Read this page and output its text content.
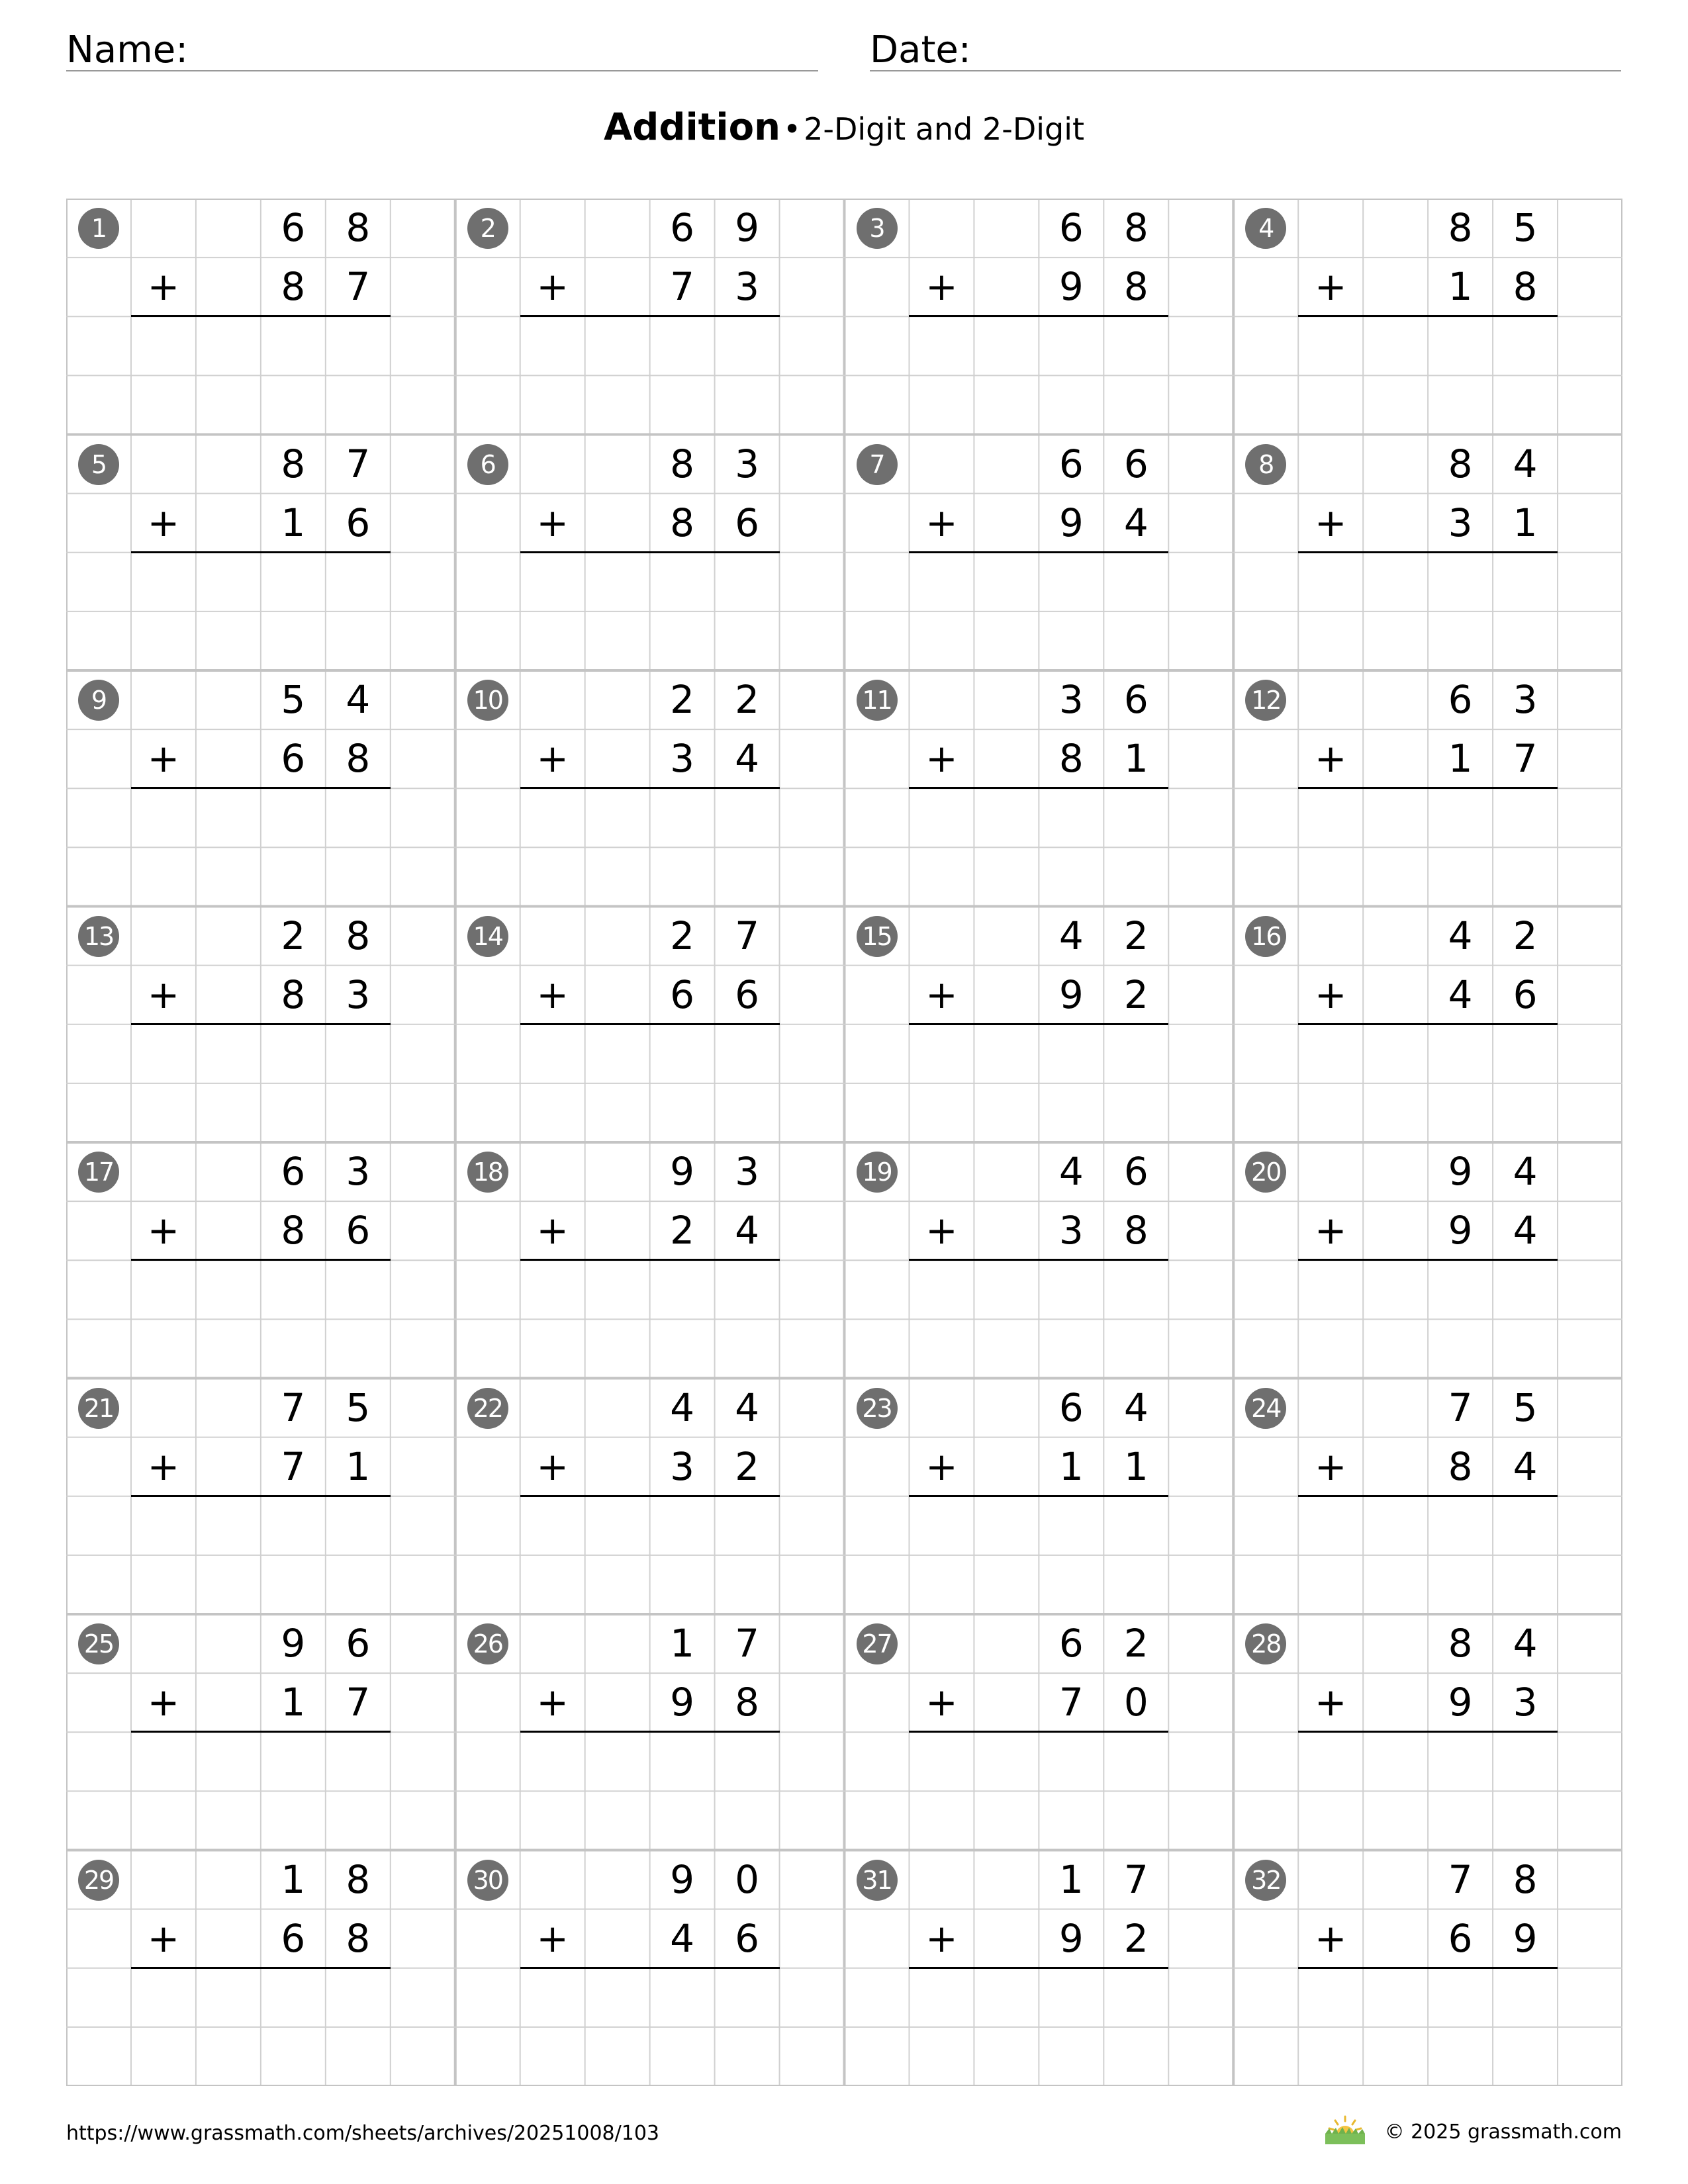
Name:	Date:
Addition • 2-Digit and 2-Digit
1	6	8
+	8	7
2	6	9
+	7	3
3	6	8
+	9	8
4	8	5
+	1	8
5	8	7
+	1	6
6	8	3
+	8	6
7	6	6
+	9	4
8	8	4
+	3	1
9	5	4
+	6	8
10	2	2
+	3	4
11	3	6
+	8	1
12	6	3
+	1	7
13	2	8
+	8	3
14	2	7
+	6	6
15	4	2
+	9	2
16	4	2
+	4	6
17	6	3
+	8	6
18	9	3
+	2	4
19	4	6
+	3	8
20	9	4
+	9	4
21	7	5
+	7	1
22	4	4
+	3	2
23	6	4
+	1	1
24	7	5
+	8	4
25	9	6
+	1	7
26	1	7
+	9	8
27	6	2
+	7	0
28	8	4
+	9	3
29	1	8
+	6	8
30	9	0
+	4	6
31	1	7
+	9	2
32	7	8
+	6	9
https://www.grassmath.com/sheets/archives/20251008/103	© 2025 grassmath.com
